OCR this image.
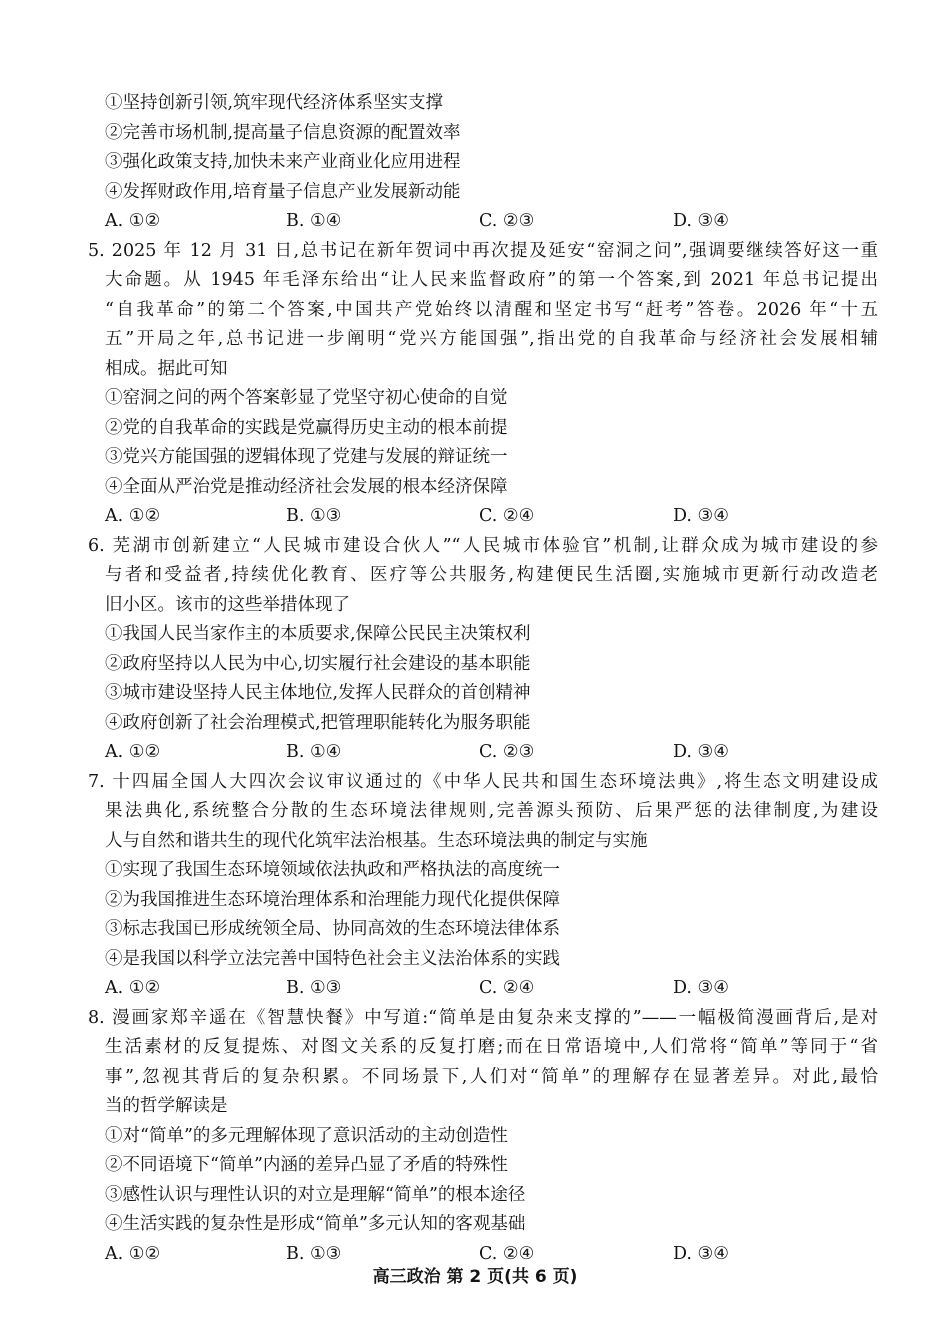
①坚持创新引领,筑牢现代经济体系坚实支撑
②完善市场机制,提高量子信息资源的配置效率
③强化政策支持,加快未来产业商业化应用进程
④发挥财政作用,培育量子信息产业发展新动能
A. ①②	B. ①④	C. ②③	D. ③④
5. 2025 年 12 月 31 日,总书记在新年贺词中再次提及延安“窑洞之问”,强调要继续答好这一重
大命题。从 1945 年毛泽东给出“让人民来监督政府”的第一个答案,到 2021 年总书记提出
“自我革命”的第二个答案,中国共产党始终以清醒和坚定书写“赶考”答卷。2026 年“十五
五”开局之年,总书记进一步阐明“党兴方能国强”,指出党的自我革命与经济社会发展相辅
相成。据此可知
①窑洞之问的两个答案彰显了党坚守初心使命的自觉
②党的自我革命的实践是党赢得历史主动的根本前提
③党兴方能国强的逻辑体现了党建与发展的辩证统一
④全面从严治党是推动经济社会发展的根本经济保障
A. ①②	B. ①③	C. ②④	D. ③④
6. 芜湖市创新建立“人民城市建设合伙人”“人民城市体验官”机制,让群众成为城市建设的参
与者和受益者,持续优化教育、医疗等公共服务,构建便民生活圈,实施城市更新行动改造老
旧小区。该市的这些举措体现了
①我国人民当家作主的本质要求,保障公民民主决策权利
②政府坚持以人民为中心,切实履行社会建设的基本职能
③城市建设坚持人民主体地位,发挥人民群众的首创精神
④政府创新了社会治理模式,把管理职能转化为服务职能
A. ①②	B. ①④	C. ②③	D. ③④
7. 十四届全国人大四次会议审议通过的《中华人民共和国生态环境法典》,将生态文明建设成
果法典化,系统整合分散的生态环境法律规则,完善源头预防、后果严惩的法律制度,为建设
人与自然和谐共生的现代化筑牢法治根基。生态环境法典的制定与实施
①实现了我国生态环境领域依法执政和严格执法的高度统一
②为我国推进生态环境治理体系和治理能力现代化提供保障
③标志我国已形成统领全局、协同高效的生态环境法律体系
④是我国以科学立法完善中国特色社会主义法治体系的实践
A. ①②	B. ①③	C. ②④	D. ③④
8. 漫画家郑辛遥在《智慧快餐》中写道:“简单是由复杂来支撑的”——一幅极简漫画背后,是对
生活素材的反复提炼、对图文关系的反复打磨;而在日常语境中,人们常将“简单”等同于“省
事”,忽视其背后的复杂积累。不同场景下,人们对“简单”的理解存在显著差异。对此,最恰
当的哲学解读是
①对“简单”的多元理解体现了意识活动的主动创造性
②不同语境下“简单”内涵的差异凸显了矛盾的特殊性
③感性认识与理性认识的对立是理解“简单”的根本途径
④生活实践的复杂性是形成“简单”多元认知的客观基础
A. ①②	B. ①③	C. ②④	D. ③④
高三政治 第 2 页(共 6 页)
